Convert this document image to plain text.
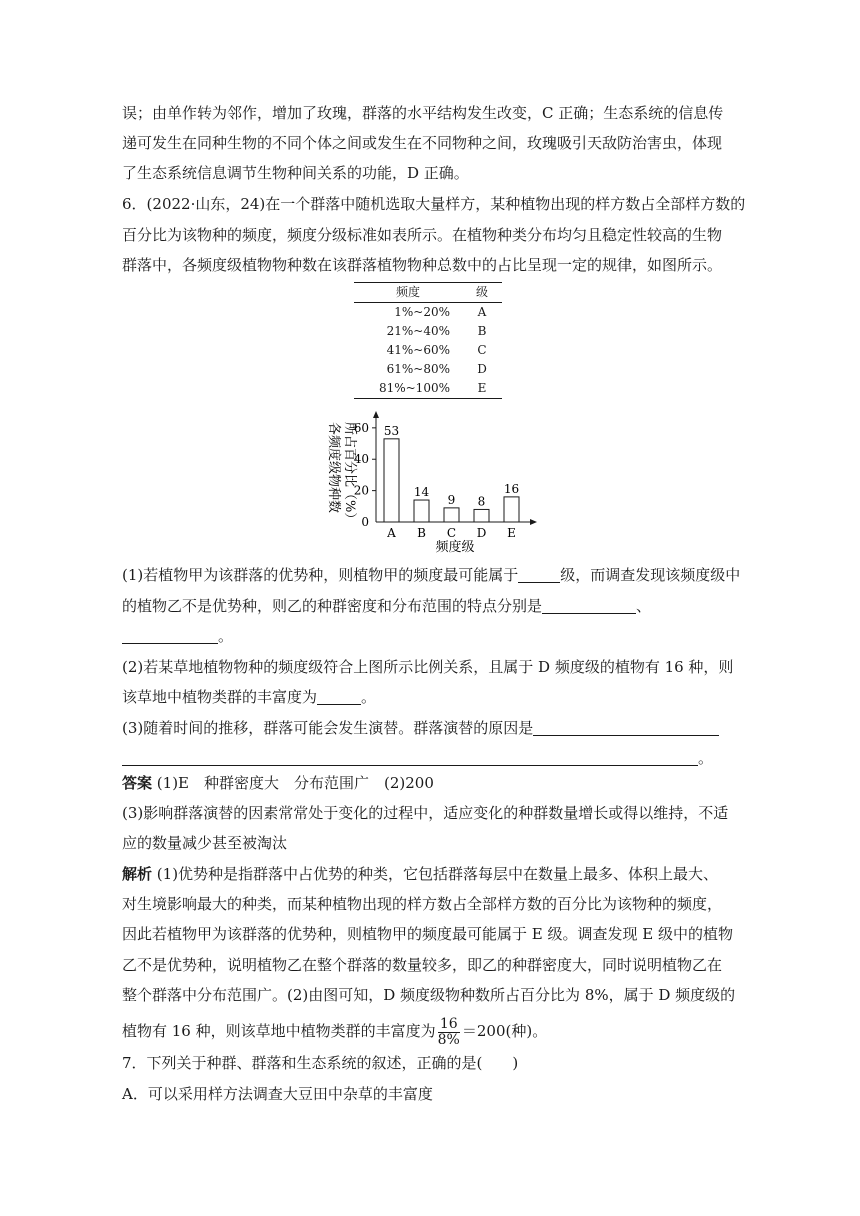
误；由单作转为邻作，增加了玫瑰，群落的水平结构发生改变，C 正确；生态系统的信息传
递可发生在同种生物的不同个体之间或发生在不同物种之间，玫瑰吸引天敌防治害虫，体现
了生态系统信息调节生物种间关系的功能，D 正确。
6．(2022·山东，24)在一个群落中随机选取大量样方，某种植物出现的样方数占全部样方数的
百分比为该物种的频度，频度分级标准如表所示。在植物种类分布均匀且稳定性较高的生物
群落中，各频度级植物物种数在该群落植物物种总数中的占比呈现一定的规律，如图所示。
频度	级
1%~20%	A
21%~40%	B
41%~60%	C
61%~80%	D
81%~100%	E
各频度级物种数 所占百分比（%）
频度级
0
20
40
60 53
A
14
B
9
C
8
D
16
E
(1)若植物甲为该群落的优势种，则植物甲的频度最可能属于	级，而调查发现该频度级中
的植物乙不是优势种，则乙的种群密度和分布范围的特点分别是	、
。
(2)若某草地植物物种的频度级符合上图所示比例关系，且属于 D 频度级的植物有 16 种，则
该草地中植物类群的丰富度为	。
(3)随着时间的推移，群落可能会发生演替。群落演替的原因是
。
答案 (1)E　种群密度大　分布范围广　(2)200
(3)影响群落演替的因素常常处于变化的过程中，适应变化的种群数量增长或得以维持，不适
应的数量减少甚至被淘汰
解析 (1)优势种是指群落中占优势的种类，它包括群落每层中在数量上最多、体积上最大、
对生境影响最大的种类，而某种植物出现的样方数占全部样方数的百分比为该物种的频度，
因此若植物甲为该群落的优势种，则植物甲的频度最可能属于 E 级。调查发现 E 级中的植物
乙不是优势种，说明植物乙在整个群落的数量较多，即乙的种群密度大，同时说明植物乙在
整个群落中分布范围广。(2)由图可知，D 频度级物种数所占百分比为 8%，属于 D 频度级的
植物有 16 种，则该草地中植物类群的丰富度为 $\frac{16}{8\%} =200$(种)。
7．下列关于种群、群落和生态系统的叙述，正确的是(　　)
A．可以采用样方法调查大豆田中杂草的丰富度
